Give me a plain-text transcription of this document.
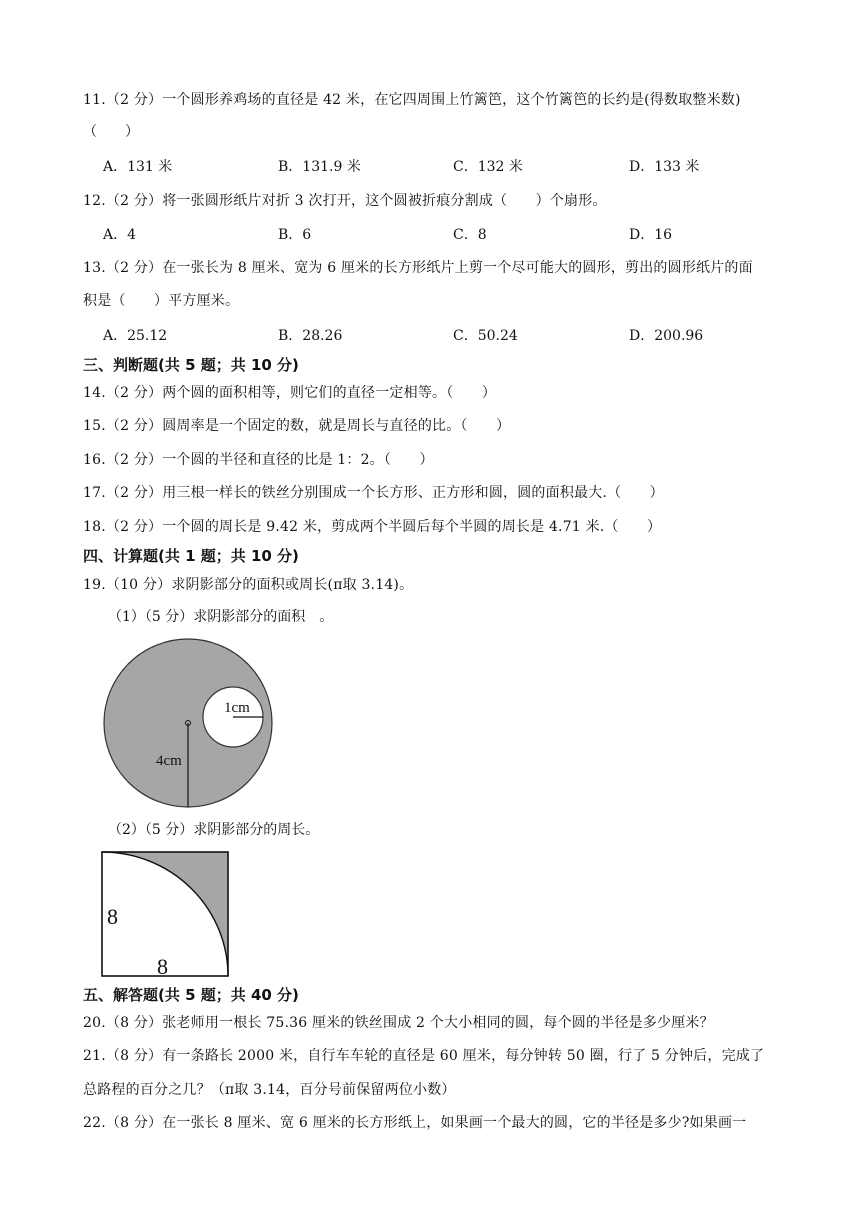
11.（2 分）一个圆形养鸡场的直径是 42 米，在它四周围上竹篱笆，这个竹篱笆的长约是(得数取整米数)
（　　）
A．131 米	B．131.9 米	C．132 米	D．133 米
12.（2 分）将一张圆形纸片对折 3 次打开，这个圆被折痕分割成（　　）个扇形。
A．4	B．6	C．8	D．16
13.（2 分）在一张长为 8 厘米、宽为 6 厘米的长方形纸片上剪一个尽可能大的圆形，剪出的圆形纸片的面
积是（　　）平方厘米。
A．25.12	B．28.26	C．50.24	D．200.96
三、判断题(共 5 题；共 10 分)
14.（2 分）两个圆的面积相等，则它们的直径一定相等。（　　）
15.（2 分）圆周率是一个固定的数，就是周长与直径的比。（　　）
16.（2 分）一个圆的半径和直径的比是 1：2。（　　）
17.（2 分）用三根一样长的铁丝分别围成一个长方形、正方形和圆，圆的面积最大.（　　）
18.（2 分）一个圆的周长是 9.42 米，剪成两个半圆后每个半圆的周长是 4.71 米.（　　）
四、计算题(共 1 题；共 10 分)
19.（10 分）求阴影部分的面积或周长(π取 3.14)。
（1）（5 分）求阴影部分的面积　。
1cm
4cm
（2）（5 分）求阴影部分的周长。
8
8
五、解答题(共 5 题；共 40 分)
20.（8 分）张老师用一根长 75.36 厘米的铁丝围成 2 个大小相同的圆，每个圆的半径是多少厘米？
21.（8 分）有一条路长 2000 米，自行车车轮的直径是 60 厘米，每分钟转 50 圈，行了 5 分钟后，完成了
总路程的百分之几？（π取 3.14，百分号前保留两位小数）
22.（8 分）在一张长 8 厘米、宽 6 厘米的长方形纸上，如果画一个最大的圆，它的半径是多少?如果画一
